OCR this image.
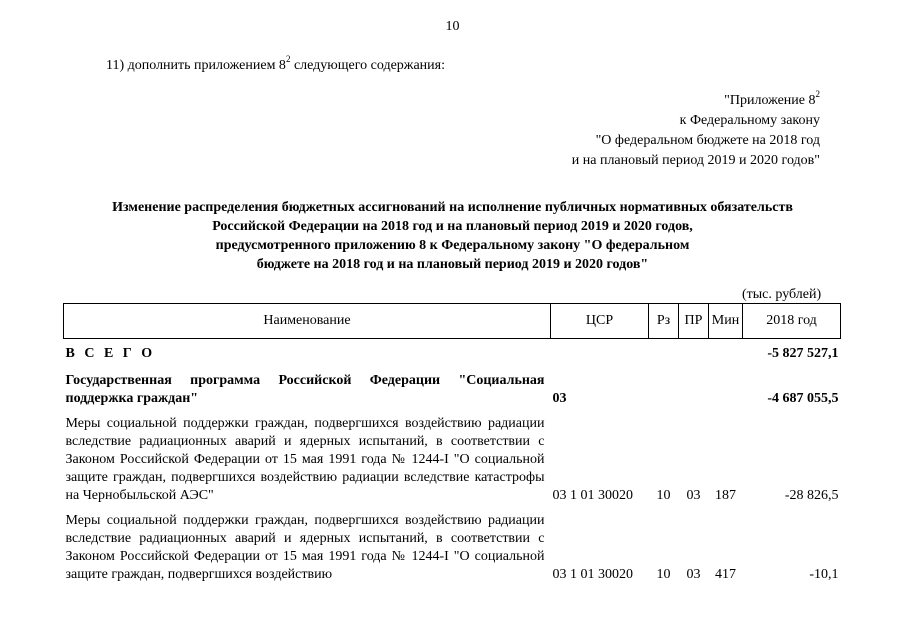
10
11) дополнить приложением $8^2$ следующего содержания:
"Приложение $8^2$
к Федеральному закону
"О федеральном бюджете на 2018 год
и на плановый период 2019 и 2020 годов"
Изменение распределения бюджетных ассигнований на исполнение публичных нормативных обязательств
Российской Федерации на 2018 год и на плановый период 2019 и 2020 годов,
предусмотренного приложению 8 к Федеральному закону "О федеральном
бюджете на 2018 год и на плановый период 2019 и 2020 годов"
(тыс. рублей)
Наименование	ЦСР	Рз	ПР	Мин	2018 год
В С Е Г О					-5 827 527,1
Государственная программа Российской Федерации "Социальная поддержка граждан"	03				-4 687 055,5
Меры социальной поддержки граждан, подвергшихся воздействию радиации вследствие радиационных аварий и ядерных испытаний, в соответствии с Законом Российской Федерации от 15 мая 1991 года № 1244-I "О социальной защите граждан, подвергшихся воздействию радиации вследствие катастрофы на Чернобыльской АЭС"	03 1 01 30020	10	03	187	-28 826,5
Меры социальной поддержки граждан, подвергшихся воздействию радиации вследствие радиационных аварий и ядерных испытаний, в соответствии с Законом Российской Федерации от 15 мая 1991 года № 1244-I "О социальной защите граждан, подвергшихся воздействию	03 1 01 30020	10	03	417	-10,1
